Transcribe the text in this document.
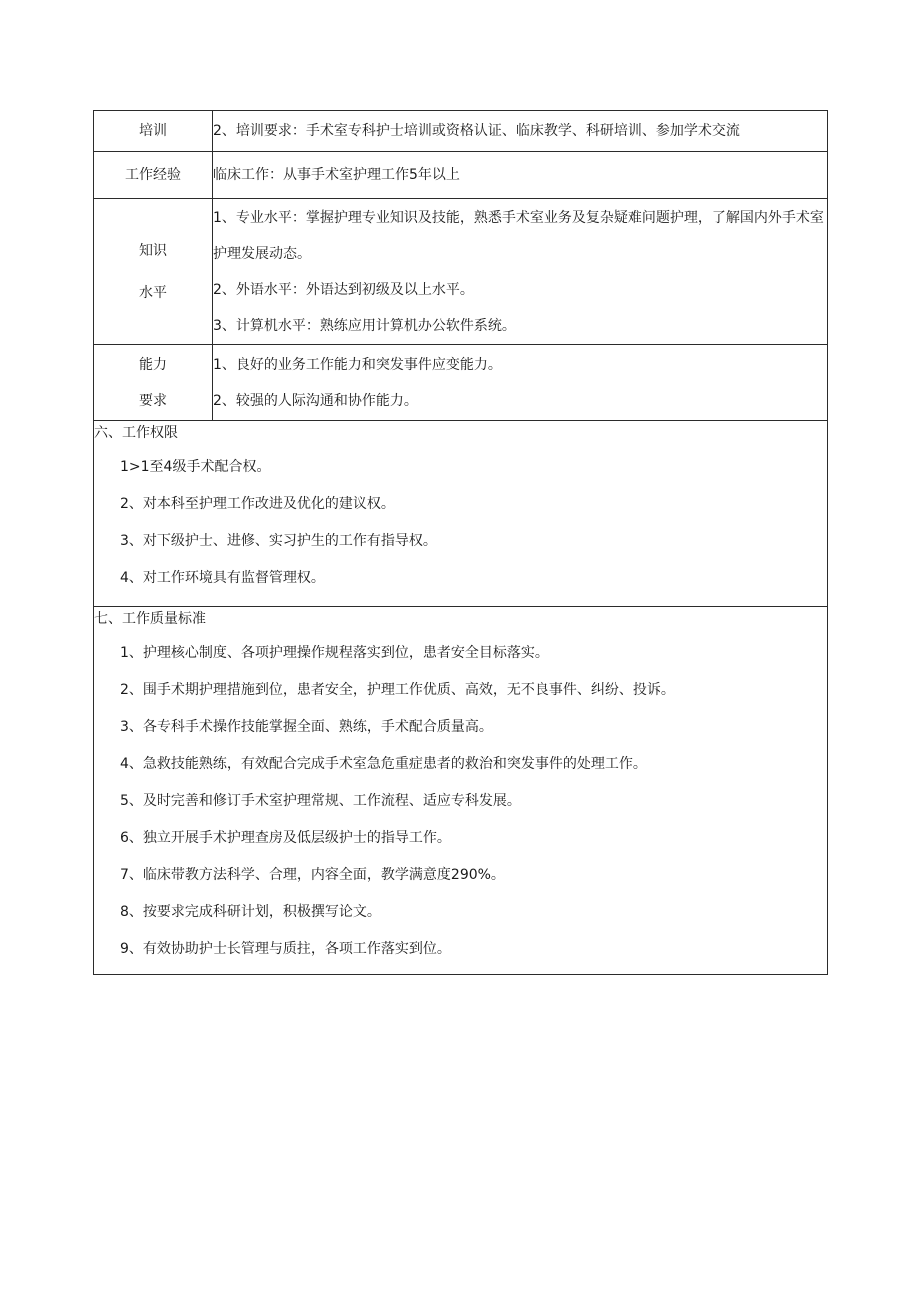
培训	2、培训要求：手术室专科护士培训或资格认证、临床教学、科研培训、参加学术交流
工作经验	临床工作：从事手术室护理工作5年以上

知识
水平	1、专业水平：掌握护理专业知识及技能，熟悉手术室业务及复杂疑难问题护理，了解国内外手术室护理发展动态。
2、外语水平：外语达到初级及以上水平。
3、计算机水平：熟练应用计算机办公软件系统。

能力
要求	1、良好的业务工作能力和突发事件应变能力。
2、较强的人际沟通和协作能力。
六、工作权限
1>1至4级手术配合权。
2、对本科至护理工作改进及优化的建议权。
3、对下级护士、进修、实习护生的工作有指导权。
4、对工作环境具有监督管理权。
七、工作质量标准
1、护理核心制度、各项护理操作规程落实到位，患者安全目标落实。
2、围手术期护理措施到位，患者安全，护理工作优质、高效，无不良事件、纠纷、投诉。
3、各专科手术操作技能掌握全面、熟练，手术配合质量高。
4、急救技能熟练，有效配合完成手术室急危重症患者的救治和突发事件的处理工作。
5、及时完善和修订手术室护理常规、工作流程、适应专科发展。
6、独立开展手术护理查房及低层级护士的指导工作。
7、临床带教方法科学、合理，内容全面，教学满意度290%。
8、按要求完成科研计划，积极撰写论文。
9、有效协助护士长管理与质拄，各项工作落实到位。
